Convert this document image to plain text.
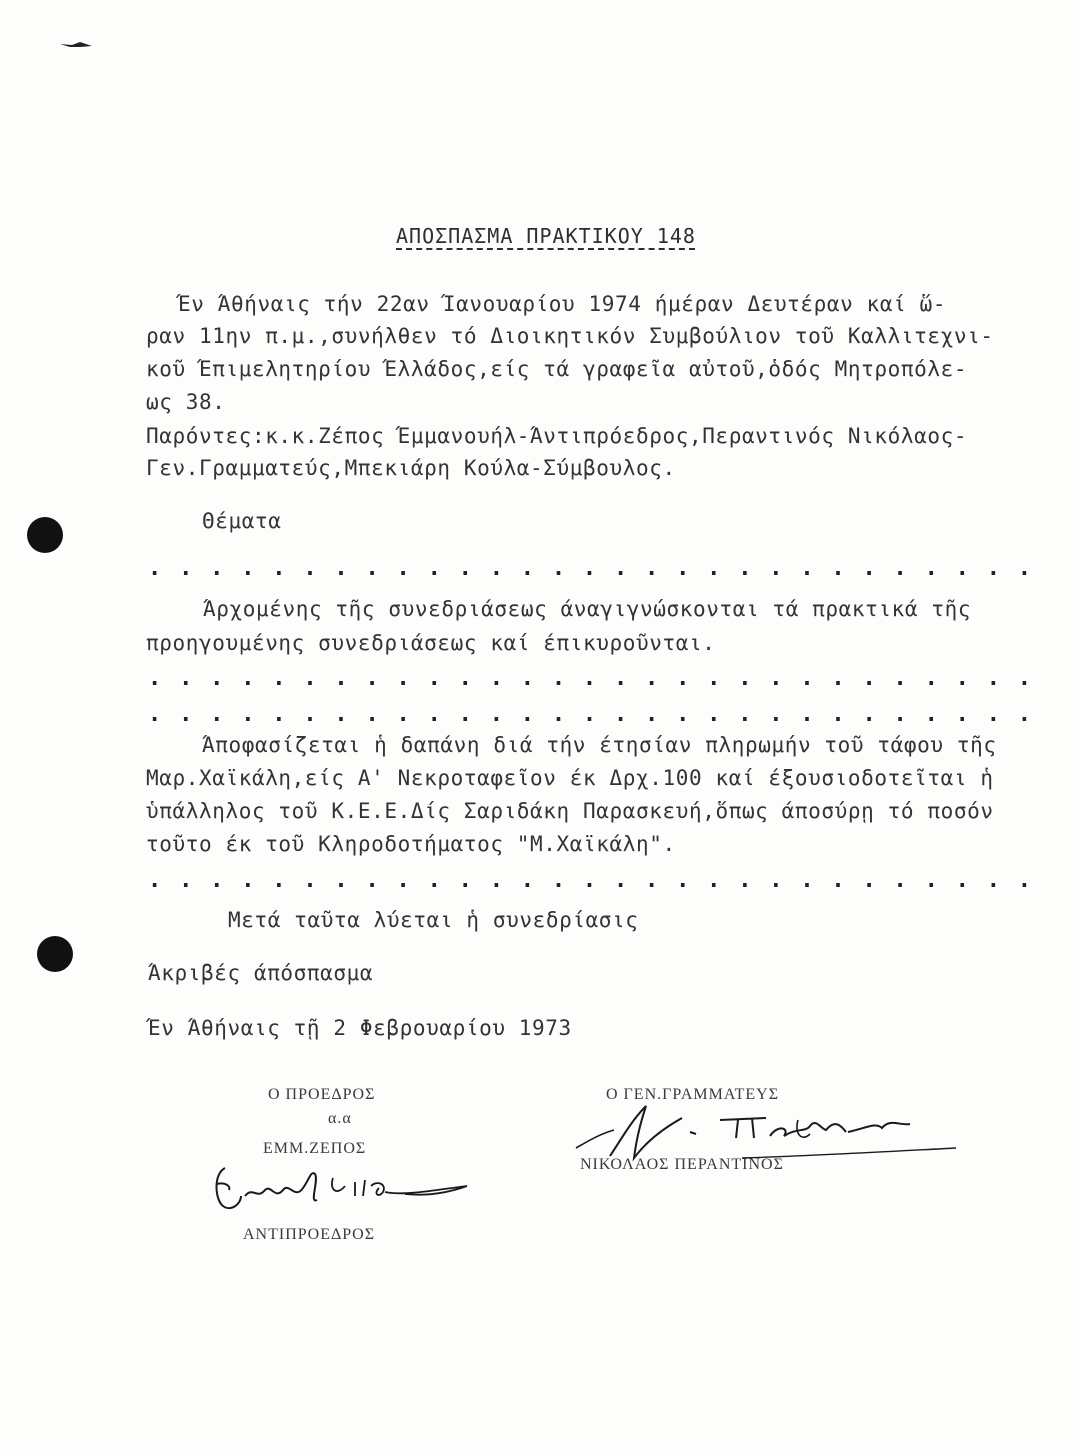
ΑΠΟΣΠΑΣΜΑ ΠΡΑΚΤΙΚΟΥ 148
Έν Άθήναις τήν 22αν Ίανουαρίου 1974 ήμέραν Δευτέραν καί ὥ-
ραν 11ην π.μ.,συνήλθεν τό Διοικητικόν Συμβούλιον τοῦ Καλλιτεχνι-
κοῦ Έπιμελητηρίου Έλλάδος,είς τά γραφεῖα αὐτοῦ,ὁδός Μητροπόλε-
ως 38.
Παρόντες:κ.κ.Ζέπος Έμμανουήλ-Άντιπρόεδρος,Περαντινός Νικόλαος-
Γεν.Γραμματεύς,Μπεκιάρη Κούλα-Σύμβουλος.
Θέματα
. . . . . . . . . . . . . . . . . . . . . . . . . . . . .
Άρχομένης τῆς συνεδριάσεως άναγιγνώσκονται τά πρακτικά τῆς
προηγουμένης συνεδριάσεως καί έπικυροῦνται.
. . . . . . . . . . . . . . . . . . . . . . . . . . . . .
. . . . . . . . . . . . . . . . . . . . . . . . . . . . .
Άποφασίζεται ἡ δαπάνη διά τήν έτησίαν πληρωμήν τοῦ τάφου τῆς
Μαρ.Χαϊκάλη,είς Α' Νεκροταφεῖον έκ Δρχ.100 καί έξουσιοδοτεῖται ἡ
ὑπάλληλος τοῦ Κ.Ε.Ε.Δίς Σαριδάκη Παρασκευή,ὅπως άποσύρῃ τό ποσόν
τοῦτο έκ τοῦ Κληροδοτήματος "Μ.Χαϊκάλη".
. . . . . . . . . . . . . . . . . . . . . . . . . . . . .
Μετά ταῦτα λύεται ἡ συνεδρίασις
Άκριβές άπόσπασμα
Έν Άθήναις τῇ 2 Φεβρουαρίου 1973
Ο ΠΡΟΕΔΡΟΣ
α.α
ΕΜΜ.ΖΕΠΟΣ
ΑΝΤΙΠΡΟΕΔΡΟΣ
Ο ΓΕΝ.ΓΡΑΜΜΑΤΕΥΣ
ΝΙΚΟΛΑΟΣ ΠΕΡΑΝΤΙΝΟΣ
